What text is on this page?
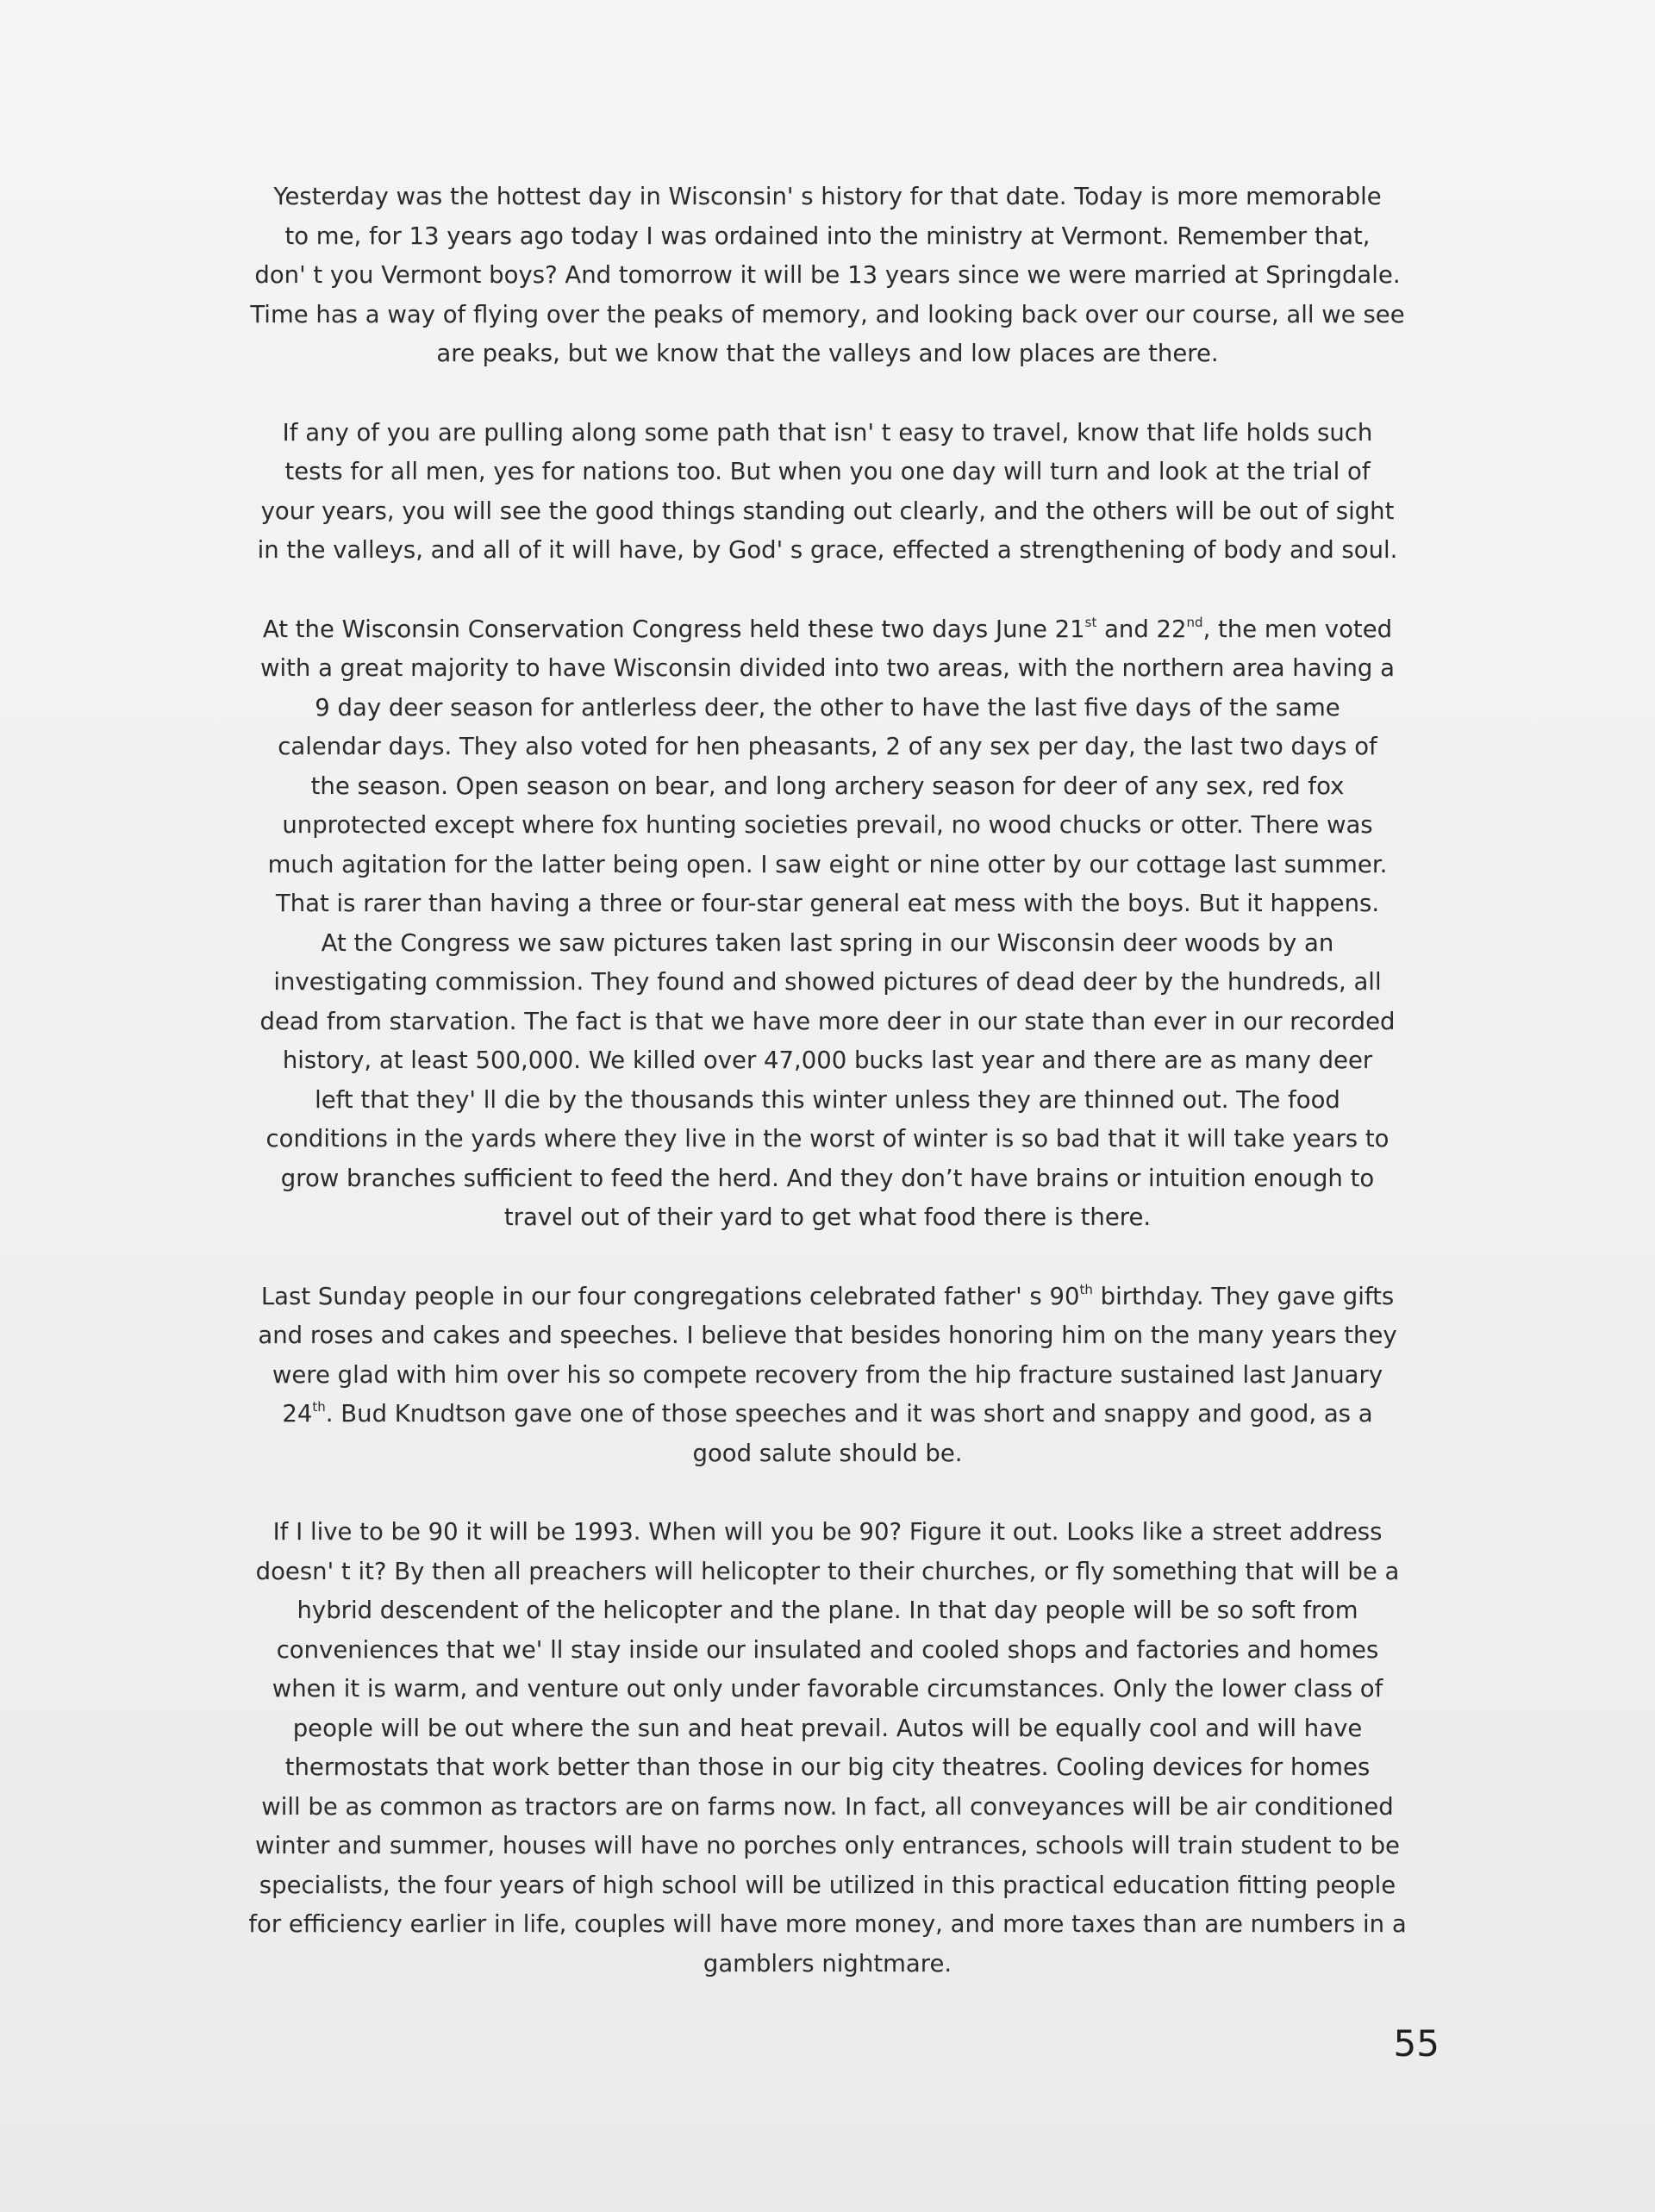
Yesterday was the hottest day in Wisconsin' s history for that date. Today is more memorable
to me, for 13 years ago today I was ordained into the ministry at Vermont. Remember that,
don' t you Vermont boys? And tomorrow it will be 13 years since we were married at Springdale.
Time has a way of flying over the peaks of memory, and looking back over our course, all we see
are peaks, but we know that the valleys and low places are there.
If any of you are pulling along some path that isn' t easy to travel, know that life holds such
tests for all men, yes for nations too. But when you one day will turn and look at the trial of
your years, you will see the good things standing out clearly, and the others will be out of sight
in the valleys, and all of it will have, by God' s grace, effected a strengthening of body and soul.
At the Wisconsin Conservation Congress held these two days June 21st and 22nd, the men voted
with a great majority to have Wisconsin divided into two areas, with the northern area having a
9 day deer season for antlerless deer, the other to have the last five days of the same
calendar days. They also voted for hen pheasants, 2 of any sex per day, the last two days of
the season. Open season on bear, and long archery season for deer of any sex, red fox
unprotected except where fox hunting societies prevail, no wood chucks or otter. There was
much agitation for the latter being open. I saw eight or nine otter by our cottage last summer.
That is rarer than having a three or four-star general eat mess with the boys. But it happens.
At the Congress we saw pictures taken last spring in our Wisconsin deer woods by an
investigating commission. They found and showed pictures of dead deer by the hundreds, all
dead from starvation. The fact is that we have more deer in our state than ever in our recorded
history, at least 500,000. We killed over 47,000 bucks last year and there are as many deer
left that they' ll die by the thousands this winter unless they are thinned out. The food
conditions in the yards where they live in the worst of winter is so bad that it will take years to
grow branches sufficient to feed the herd. And they don’t have brains or intuition enough to
travel out of their yard to get what food there is there.
Last Sunday people in our four congregations celebrated father' s 90th birthday. They gave gifts
and roses and cakes and speeches. I believe that besides honoring him on the many years they
were glad with him over his so compete recovery from the hip fracture sustained last January
24th. Bud Knudtson gave one of those speeches and it was short and snappy and good, as a
good salute should be.
If I live to be 90 it will be 1993. When will you be 90? Figure it out. Looks like a street address
doesn' t it? By then all preachers will helicopter to their churches, or fly something that will be a
hybrid descendent of the helicopter and the plane. In that day people will be so soft from
conveniences that we' ll stay inside our insulated and cooled shops and factories and homes
when it is warm, and venture out only under favorable circumstances. Only the lower class of
people will be out where the sun and heat prevail. Autos will be equally cool and will have
thermostats that work better than those in our big city theatres. Cooling devices for homes
will be as common as tractors are on farms now. In fact, all conveyances will be air conditioned
winter and summer, houses will have no porches only entrances, schools will train student to be
specialists, the four years of high school will be utilized in this practical education fitting people
for efficiency earlier in life, couples will have more money, and more taxes than are numbers in a
gamblers nightmare.
55
